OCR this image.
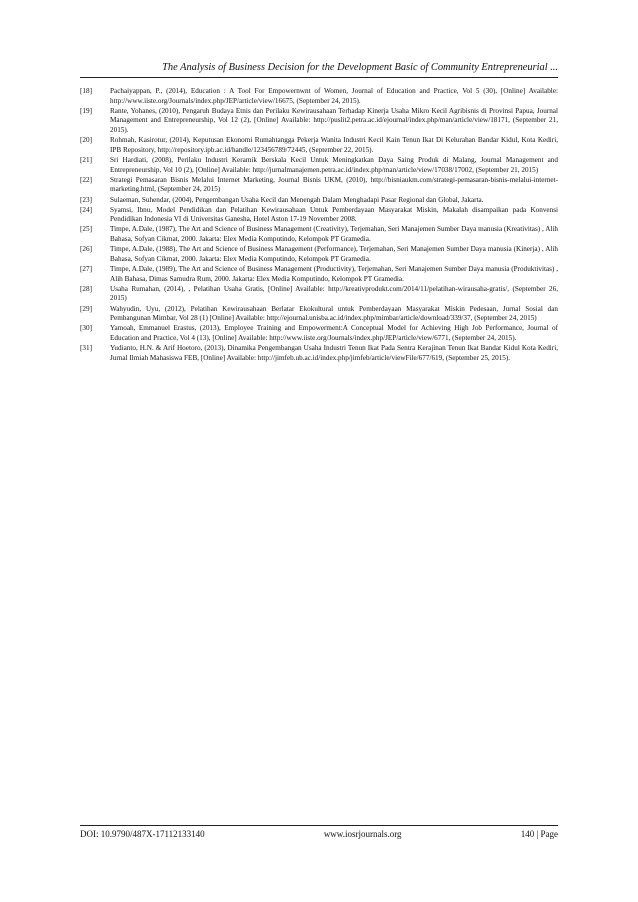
The Analysis of Business Decision for the Development Basic of Community Entrepreneurial ...
[18]	Pachaiyappan, P., (2014), Education : A Tool For Empowernwnt of Women, Journal of Education and Practice, Vol 5 (30), [Online] Available: http://www.iiste.org/Journals/index.php/JEP/article/view/16675, (September 24, 2015).
[19]	Rante, Yohanes, (2010), Pengaruh Budaya Etnis dan Perilaku Kewirausahaan Terhadap Kinerja Usaha Mikro Kecil Agribisnis di Provinsi Papua, Journal Management and Entrepreneurship, Vol 12 (2), [Online] Available: http://puslit2.petra.ac.id/ejournal/index.php/man/article/view/18171, (September 21, 2015).
[20]	Rohmah, Kasirotur, (2014), Keputusan Ekonomi Rumahtangga Pekerja Wanita Industri Kecil Kain Tenun Ikat Di Kelurahan Bandar Kidul, Kota Kediri, IPB Repository, http://repository.ipb.ac.id/handle/123456789/72445, (September 22, 2015).
[21]	Sri Hardiati, (2008), Perilaku Industri Keramik Berskala Kecil Untuk Meningkatkan Daya Saing Produk di Malang, Journal Management and Entrepreneurship, Vol 10 (2), [Online] Available: http://jurnalmanajemen.petra.ac.id/index.php/man/article/view/17038/17002, (September 21, 2015)
[22]	Strategi Pemasaran Bisnis Melalui Internet Marketing, Journal Bisnis UKM, (2010), http://bisniaukm.com/strategi-pemasaran-bisnis-melalui-internet-marketing.html, (September 24, 2015)
[23]	Sulaeman, Suhendar, (2004), Pengembangan Usaha Kecil dan Menengah Dalam Menghadapi Pasar Regional dan Global, Jakarta.
[24]	Syamsi, Ibnu, Model Pendidikan dan Pelatihan Kewirausahaan Untuk Pemberdayaan Masyarakat Miskin, Makalah disampaikan pada Konvensi Pendidikan Indonesia VI di Universitas Ganesha, Hotel Aston 17-19 November 2008.
[25]	Timpe, A.Dale, (1987), The Art and Science of Business Management (Creativity), Terjemahan, Seri Manajemen Sumber Daya manusia (Kreativitas) , Alih Bahasa, Sofyan Cikmat, 2000. Jakarta: Elex Media Komputindo, Kelompok PT Gramedia.
[26]	Timpe, A.Dale, (1988), The Art and Science of Business Management (Performance), Terjemahan, Seri Manajemen Sumber Daya manusia (Kinerja) , Alih Bahasa, Sofyan Cikmat, 2000. Jakarta: Elex Media Komputindo, Kelompok PT Gramedia.
[27]	Timpe, A.Dale, (1989), The Art and Science of Business Management (Productivity), Terjemahan, Seri Manajemen Sumber Daya manusia (Produktivitas) , Alih Bahasa, Dimas Samudra Rum, 2000. Jakarta: Elex Media Komputindo, Kelompok PT Gramedia.
[28]	Usaha Rumahan, (2014), , Pelatihan Usaha Gratis, [Online] Available: http://kreativprodukt.com/2014/11/pelatihan-wirausaha-gratis/, (September 26, 2015)
[29]	Wahyudin, Uyu, (2012), Pelatihan Kewirausahaan Berlatar Ekokultural untuk Pemberdayaan Masyarakat Miskin Pedesaan, Jurnal Sosial dan Pembangunan Mimbar, Vol 28 (1) [Online] Available: http://ejournal.unisba.ac.id/index.php/mimbar/article/download/339/37, (September 24, 2015)
[30]	Yamoah, Emmanuel Erastus, (2013), Employee Training and Empowerment:A Conceptual Model for Achieving High Job Performance, Journal of Education and Practice, Vol 4 (13), [Online] Available: http://www.iiste.org/Journals/index.php/JEP/article/view/6771, (September 24, 2015).
[31]	Yudianto, H.N. & Arif Hoetoro, (2013), Dinamika Pengembangan Usaha Industri Tenun Ikat Pada Sentra Kerajinan Tenun Ikat Bandar Kidul Kota Kediri, Jurnal Ilmiah Mahasiswa FEB, [Online] Available: http://jimfeb.ub.ac.id/index.php/jimfeb/article/viewFile/677/619, (September 25, 2015).
DOI: 10.9790/487X-17112133140	www.iosrjournals.org	140 | Page
